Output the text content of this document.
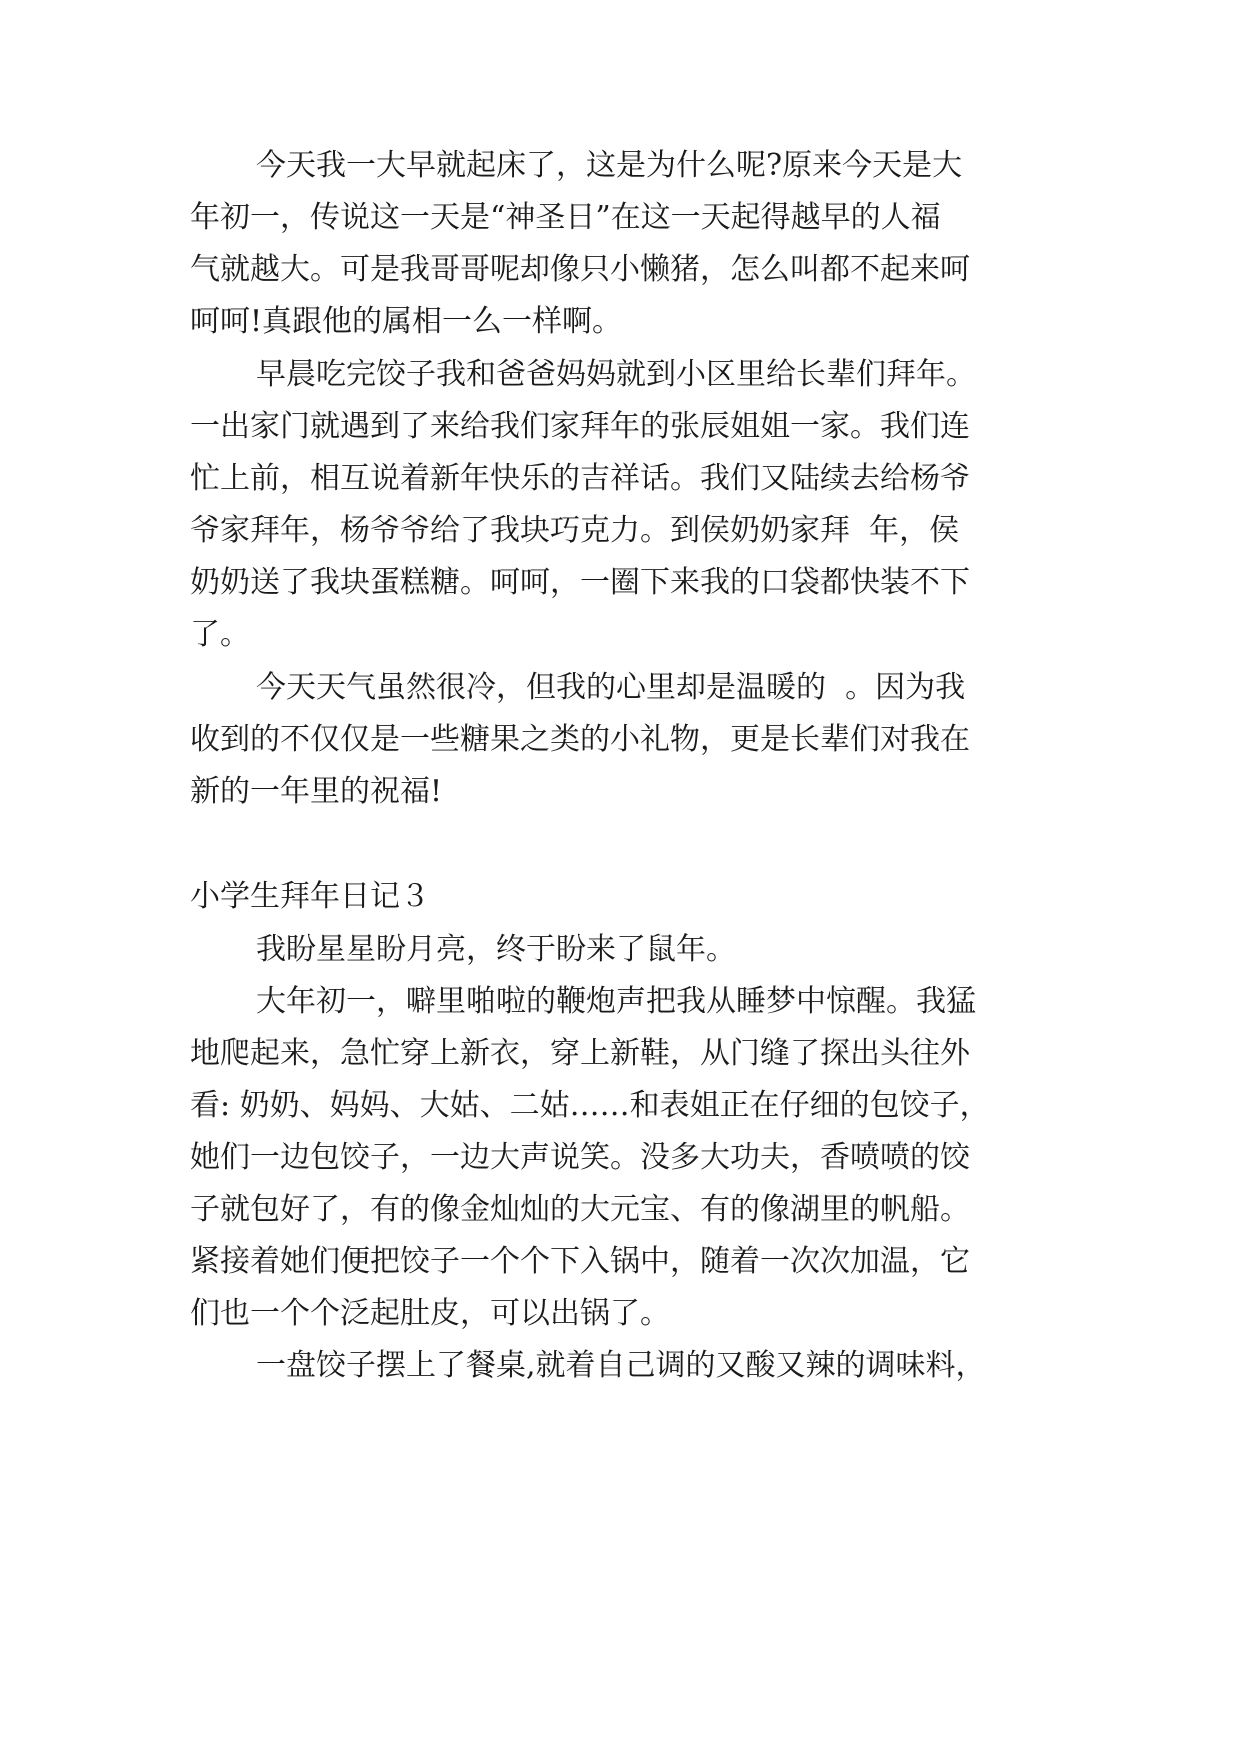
今天我一大早就起床了，这是为什么呢?原来今天是大
年初一，传说这一天是“神圣日”在这一天起得越早的人福
气就越大。可是我哥哥呢却像只小懒猪，怎么叫都不起来呵
呵呵!真跟他的属相一么一样啊。
早晨吃完饺子我和爸爸妈妈就到小区里给长辈们拜年。
一出家门就遇到了来给我们家拜年的张辰姐姐一家。我们连
忙上前，相互说着新年快乐的吉祥话。我们又陆续去给杨爷
爷家拜年，杨爷爷给了我块巧克力。到侯奶奶家拜  年，侯
奶奶送了我块蛋糕糖。呵呵，一圈下来我的口袋都快装不下
了。
今天天气虽然很冷，但我的心里却是温暖的  。因为我
收到的不仅仅是一些糖果之类的小礼物，更是长辈们对我在
新的一年里的祝福!
小学生拜年日记３
我盼星星盼月亮，终于盼来了鼠年。
大年初一，噼里啪啦的鞭炮声把我从睡梦中惊醒。我猛
地爬起来，急忙穿上新衣，穿上新鞋，从门缝了探出头往外
看: 奶奶、妈妈、大姑、二姑……和表姐正在仔细的包饺子，
她们一边包饺子，一边大声说笑。没多大功夫，香喷喷的饺
子就包好了，有的像金灿灿的大元宝、有的像湖里的帆船。
紧接着她们便把饺子一个个下入锅中，随着一次次加温，它
们也一个个泛起肚皮，可以出锅了。
一盘饺子摆上了餐桌,就着自己调的又酸又辣的调味料，
